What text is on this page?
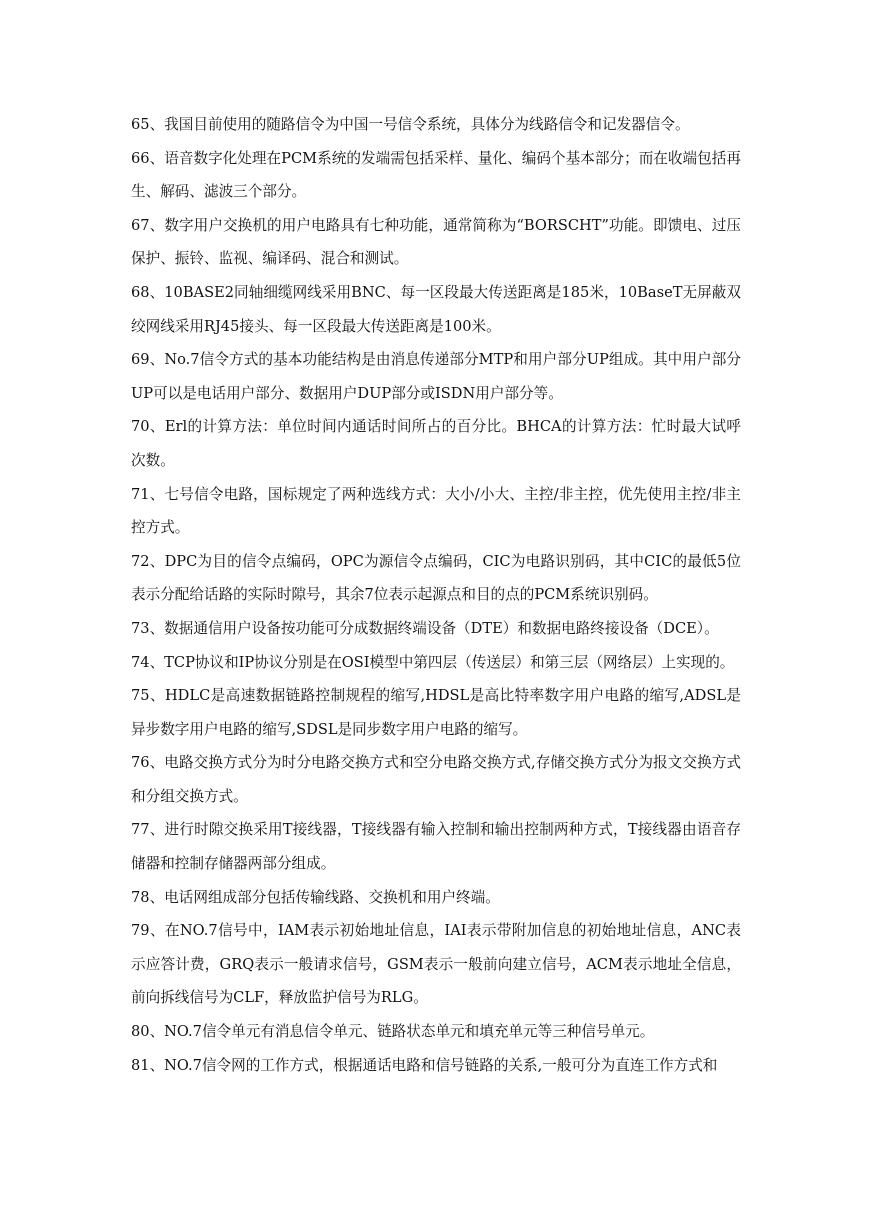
65、我国目前使用的随路信令为中国一号信令系统，具体分为线路信令和记发器信令。

66、语音数字化处理在PCM系统的发端需包括采样、量化、编码个基本部分；而在收端包括再生、解码、滤波三个部分。

67、数字用户交换机的用户电路具有七种功能，通常简称为“BORSCHT”功能。即馈电、过压保护、振铃、监视、编译码、混合和测试。

68、10BASE2同轴细缆网线采用BNC、每一区段最大传送距离是185米，10BaseT无屏蔽双绞网线采用RJ45接头、每一区段最大传送距离是100米。

69、No.7信令方式的基本功能结构是由消息传递部分MTP和用户部分UP组成。其中用户部分UP可以是电话用户部分、数据用户DUP部分或ISDN用户部分等。

70、Erl的计算方法：单位时间内通话时间所占的百分比。BHCA的计算方法：忙时最大试呼次数。

71、七号信令电路，国标规定了两种选线方式：大小/小大、主控/非主控，优先使用主控/非主控方式。

72、DPC为目的信令点编码，OPC为源信令点编码，CIC为电路识别码，其中CIC的最低5位表示分配给话路的实际时隙号，其余7位表示起源点和目的点的PCM系统识别码。

73、数据通信用户设备按功能可分成数据终端设备（DTE）和数据电路终接设备（DCE）。

74、TCP协议和IP协议分别是在OSI模型中第四层（传送层）和第三层（网络层）上实现的。

75、HDLC是高速数据链路控制规程的缩写,HDSL是高比特率数字用户电路的缩写,ADSL是异步数字用户电路的缩写,SDSL是同步数字用户电路的缩写。

76、电路交换方式分为时分电路交换方式和空分电路交换方式,存储交换方式分为报文交换方式和分组交换方式。

77、进行时隙交换采用T接线器，T接线器有输入控制和输出控制两种方式，T接线器由语音存储器和控制存储器两部分组成。

78、电话网组成部分包括传输线路、交换机和用户终端。

79、在NO.7信号中，IAM表示初始地址信息，IAI表示带附加信息的初始地址信息，ANC表示应答计费，GRQ表示一般请求信号，GSM表示一般前向建立信号，ACM表示地址全信息，前向拆线信号为CLF，释放监护信号为RLG。

80、NO.7信令单元有消息信令单元、链路状态单元和填充单元等三种信号单元。

81、NO.7信令网的工作方式，根据通话电路和信号链路的关系,一般可分为直连工作方式和
